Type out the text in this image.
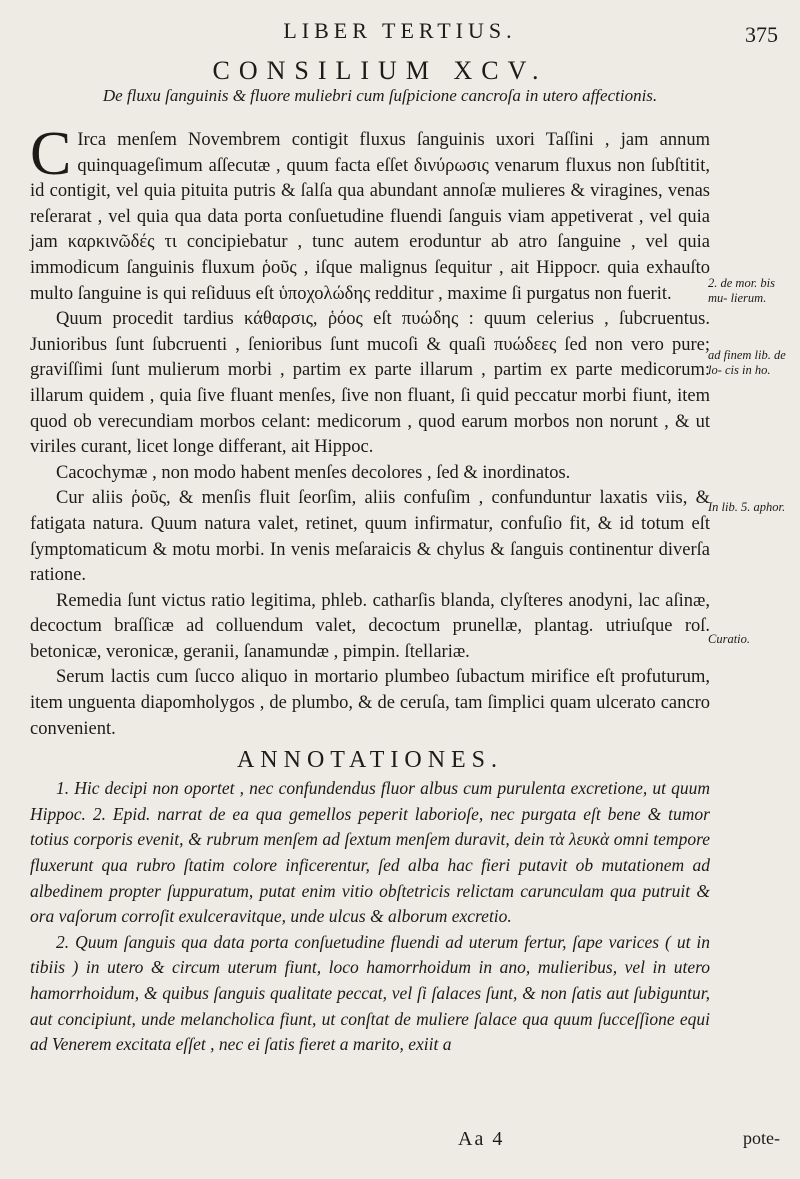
LIBER TERTIUS.	375
CONSILIUM XCV.
De fluxu ſanguinis & fluore muliebri cum ſuſpicione cancroſa in utero affectionis.

C Irca menſem Novembrem contigit fluxus ſanguinis uxori Taſſini , jam annum quinquageſimum aſſecutæ , quum facta eſſet δινύρωσις venarum fluxus non ſubſtitit, id contigit, vel quia pituita putris & ſalſa qua abundant annoſæ mulieres & viragines, venas reſerarat , vel quia qua data porta conſuetudine fluendi ſanguis viam appetiverat , vel quia jam καρκινῶδές τι concipiebatur , tunc autem eroduntur ab atro ſanguine , vel quia immodicum ſanguinis fluxum ῥοῦς , iſque malignus ſequitur , ait Hippocr. quia exhauſto multo ſanguine is qui reſiduus eſt ὑποχολώδης redditur , maxime ſi purgatus non fuerit.

Quum procedit tardius κάθαρσις, ῥόος eſt πυώδης : quum celerius , ſubcruentus. Junioribus ſunt ſubcruenti , ſenioribus ſunt mucoſi & quaſi πυώδεες ſed non vero pure; graviſſimi ſunt mulierum morbi , partim ex parte illarum , partim ex parte medicorum: illarum quidem , quia ſive fluant menſes, ſive non fluant, ſi quid peccatur morbi fiunt, item quod ob verecundiam morbos celant: medicorum , quod earum morbos non norunt , & ut viriles curant, licet longe differant, ait Hippoc.

Cacochymæ , non modo habent menſes decolores , ſed & inordinatos.

Cur aliis ῥοῦς, & menſis fluit ſeorſim, aliis confuſim , confunduntur laxatis viis, & fatigata natura. Quum natura valet, retinet, quum infirmatur, confuſio fit, & id totum eſt ſymptomaticum & motu morbi. In venis meſaraicis & chylus & ſanguis continentur diverſa ratione.

Remedia ſunt victus ratio legitima, phleb. catharſis blanda, clyſteres anodyni, lac aſinæ, decoctum braſſicæ ad colluendum valet, decoctum prunellæ, plantag. utriuſque roſ. betonicæ, veronicæ, geranii, ſanamundæ , pimpin. ſtellariæ.

Serum lactis cum ſucco aliquo in mortario plumbeo ſubactum mirifice eſt profuturum, item unguenta diapomholygos , de plumbo, & de ceruſa, tam ſimplici quam ulcerato cancro convenient.

ANNOTATIONES.

1. Hic decipi non oportet , nec confundendus fluor albus cum purulenta excretione, ut quum Hippoc. 2. Epid. narrat de ea qua gemellos peperit laborioſe, nec purgata eſt bene & tumor totius corporis evenit, & rubrum menſem ad ſextum menſem duravit, dein τὰ λευκὰ omni tempore fluxerunt qua rubro ſtatim colore inficerentur, ſed alba hac fieri putavit ob mutationem ad albedinem propter ſuppuratum, putat enim vitio obſtetricis relictam carunculam qua putruit & ora vaſorum corroſit exulceravitque, unde ulcus & alborum excretio.

2. Quum ſanguis qua data porta conſuetudine fluendi ad uterum fertur, ſape varices ( ut in tibiis ) in utero & circum uterum fiunt, loco hamorrhoidum in ano, mulieribus, vel in utero hamorrhoidum, & quibus ſanguis qualitate peccat, vel ſi ſalaces ſunt, & non ſatis aut ſubiguntur, aut concipiunt, unde melancholica fiunt, ut conſtat de muliere ſalace qua quum ſucceſſione equi ad Venerem excitata eſſet , nec ei ſatis fieret a marito, exiit a

2. de mor. bis mu- lierum.
ad finem lib. de lo- cis in ho.
In lib. 5. aphor.
Curatio.
Aa 4	pote-
